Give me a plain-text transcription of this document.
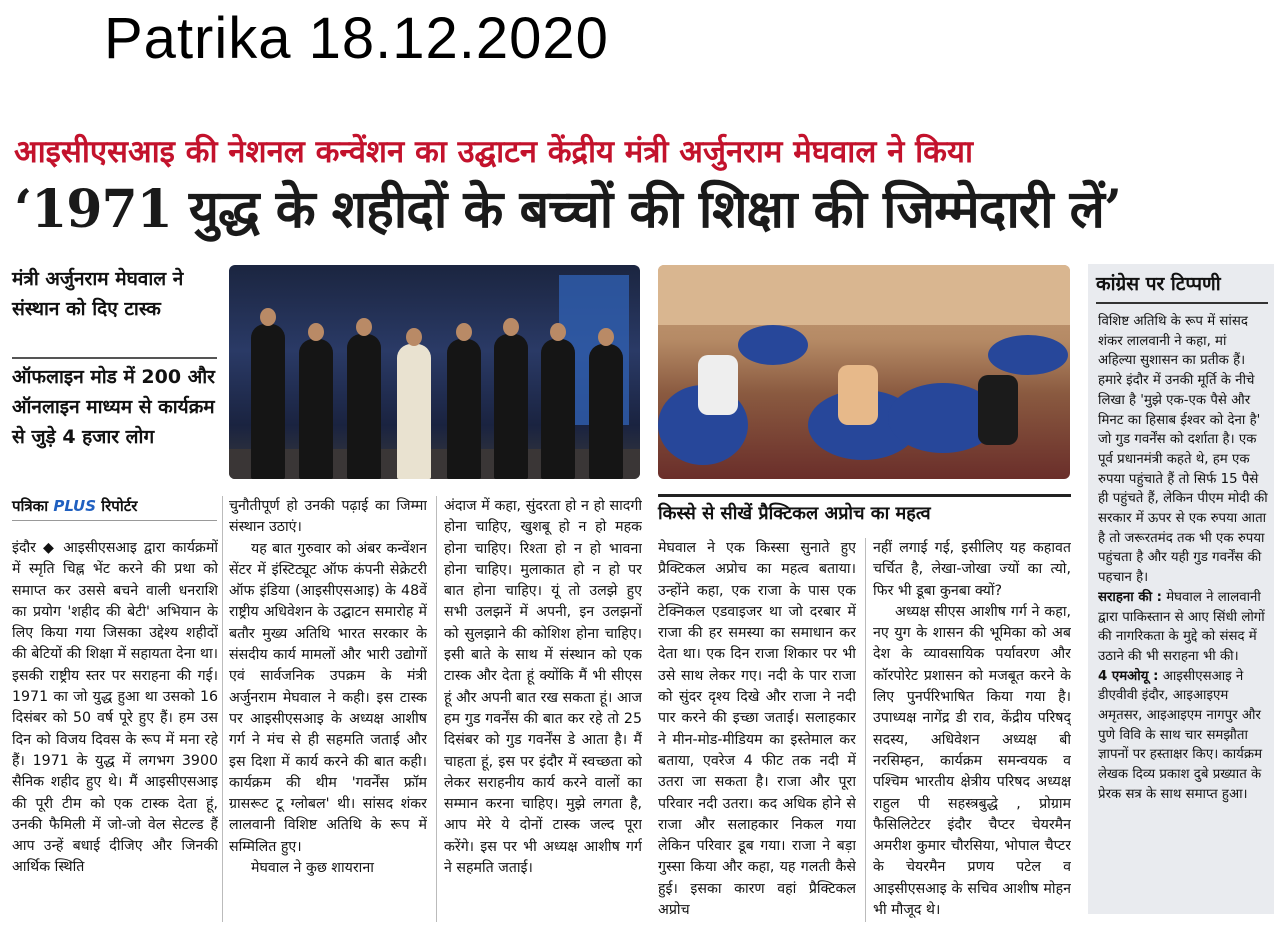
Patrika 18.12.2020
आइसीएसआइ की नेशनल कन्वेंशन का उद्घाटन केंद्रीय मंत्री अर्जुनराम मेघवाल ने किया
‘1971 युद्ध के शहीदों के बच्चों की शिक्षा की जिम्मेदारी लें’
मंत्री अर्जुनराम मेघवाल ने संस्थान को दिए टास्क
ऑफलाइन मोड में 200 और ऑनलाइन माध्यम से कार्यक्रम से जुड़े 4 हजार लोग
पत्रिका PLUS रिपोर्टर

इंदौर ◆ आइसीएसआइ द्वारा कार्यक्रमों में स्मृति चिह्न भेंट करने की प्रथा को समाप्त कर उससे बचने वाली धनराशि का प्रयोग 'शहीद की बेटी' अभियान के लिए किया गया जिसका उद्देश्य शहीदों की बेटियों की शिक्षा में सहायता देना था। इसकी राष्ट्रीय स्तर पर सराहना की गई। 1971 का जो युद्ध हुआ था उसको 16 दिसंबर को 50 वर्ष पूरे हुए हैं। हम उस दिन को विजय दिवस के रूप में मना रहे हैं। 1971 के युद्ध में लगभग 3900 सैनिक शहीद हुए थे। मैं आइसीएसआइ की पूरी टीम को एक टास्क देता हूं, उनकी फैमिली में जो-जो वेल सेटल्ड हैं आप उन्हें बधाई दीजिए और जिनकी आर्थिक स्थिति

चुनौतीपूर्ण हो उनकी पढ़ाई का जिम्मा संस्थान उठाएं।

यह बात गुरुवार को अंबर कन्वेंशन सेंटर में इंस्टिट्यूट ऑफ कंपनी सेक्रेटरी ऑफ इंडिया (आइसीएसआइ) के 48वें राष्ट्रीय अधिवेशन के उद्घाटन समारोह में बतौर मुख्य अतिथि भारत सरकार के संसदीय कार्य मामलों और भारी उद्योगों एवं सार्वजनिक उपक्रम के मंत्री अर्जुनराम मेघवाल ने कही। इस टास्क पर आइसीएसआइ के अध्यक्ष आशीष गर्ग ने मंच से ही सहमति जताई और इस दिशा में कार्य करने की बात कही। कार्यक्रम की थीम 'गवर्नेंस फ्रॉम ग्रासरूट टू ग्लोबल' थी। सांसद शंकर लालवानी विशिष्ट अतिथि के रूप में सम्मिलित हुए।

मेघवाल ने कुछ शायराना

अंदाज में कहा, सुंदरता हो न हो सादगी होना चाहिए, खुशबू हो न हो महक होना चाहिए। रिश्ता हो न हो भावना होना चाहिए। मुलाकात हो न हो पर बात होना चाहिए। यूं तो उलझे हुए सभी उलझनें में अपनी, इन उलझनों को सुलझाने की कोशिश होना चाहिए। इसी बाते के साथ में संस्थान को एक टास्क और देता हूं क्योंकि मैं भी सीएस हूं और अपनी बात रख सकता हूं। आज हम गुड गवर्नेंस की बात कर रहे तो 25 दिसंबर को गुड गवर्नेंस डे आता है। मैं चाहता हूं, इस पर इंदौर में स्वच्छता को लेकर सराहनीय कार्य करने वालों का सम्मान करना चाहिए। मुझे लगता है, आप मेरे ये दोनों टास्क जल्द पूरा करेंगे। इस पर भी अध्यक्ष आशीष गर्ग ने सहमति जताई।

किस्से से सीखें प्रैक्टिकल अप्रोच का महत्व

मेघवाल ने एक किस्सा सुनाते हुए प्रैक्टिकल अप्रोच का महत्व बताया। उन्होंने कहा, एक राजा के पास एक टेक्निकल एडवाइजर था जो दरबार में राजा की हर समस्या का समाधान कर देता था। एक दिन राजा शिकार पर भी उसे साथ लेकर गए। नदी के पार राजा को सुंदर दृश्य दिखे और राजा ने नदी पार करने की इच्छा जताई। सलाहकार ने मीन-मोड-मीडियम का इस्तेमाल कर बताया, एवरेज 4 फीट तक नदी में उतरा जा सकता है। राजा और पूरा परिवार नदी उतरा। कद अधिक होने से राजा और सलाहकार निकल गया लेकिन परिवार डूब गया। राजा ने बड़ा गुस्सा किया और कहा, यह गलती कैसे हुई। इसका कारण वहां प्रैक्टिकल अप्रोच

नहीं लगाई गई, इसीलिए यह कहावत चर्चित है, लेखा-जोखा ज्यों का त्यो, फिर भी डूबा कुनबा क्यों?

अध्यक्ष सीएस आशीष गर्ग ने कहा, नए युग के शासन की भूमिका को अब देश के व्यावसायिक पर्यावरण और कॉरपोरेट प्रशासन को मजबूत करने के लिए पुनर्परिभाषित किया गया है। उपाध्यक्ष नागेंद्र डी राव, केंद्रीय परिषद् सदस्य, अधिवेशन अध्यक्ष बी नरसिम्हन, कार्यक्रम समन्वयक व पश्चिम भारतीय क्षेत्रीय परिषद अध्यक्ष राहुल पी सहस्त्रबुद्धे , प्रोग्राम फैसिलिटेटर इंदौर चैप्टर चेयरमैन अमरीश कुमार चौरसिया, भोपाल चैप्टर के चेयरमैन प्रणय पटेल व आइसीएसआइ के सचिव आशीष मोहन भी मौजूद थे।

कांग्रेस पर टिप्पणी
विशिष्ट अतिथि के रूप में सांसद शंकर लालवानी ने कहा, मां अहिल्या सुशासन का प्रतीक हैं। हमारे इंदौर में उनकी मूर्ति के नीचे लिखा है 'मुझे एक-एक पैसे और मिनट का हिसाब ईश्वर को देना है' जो गुड गवर्नेंस को दर्शाता है। एक पूर्व प्रधानमंत्री कहते थे, हम एक रुपया पहुंचाते हैं तो सिर्फ 15 पैसे ही पहुंचते हैं, लेकिन पीएम मोदी की सरकार में ऊपर से एक रुपया आता है तो जरूरतमंद तक भी एक रुपया पहुंचता है और यही गुड गवर्नेंस की पहचान है।
सराहना की : मेघवाल ने लालवानी द्वारा पाकिस्तान से आए सिंधी लोगों की नागरिकता के मुद्दे को संसद में उठाने की भी सराहना भी की।
4 एमओयू : आइसीएसआइ ने डीएवीवी इंदौर, आइआइएम अमृतसर, आइआइएम नागपुर और पुणे विवि के साथ चार समझौता ज्ञापनों पर हस्ताक्षर किए। कार्यक्रम लेखक दिव्य प्रकाश दुबे प्रख्यात के प्रेरक सत्र के साथ समाप्त हुआ।
